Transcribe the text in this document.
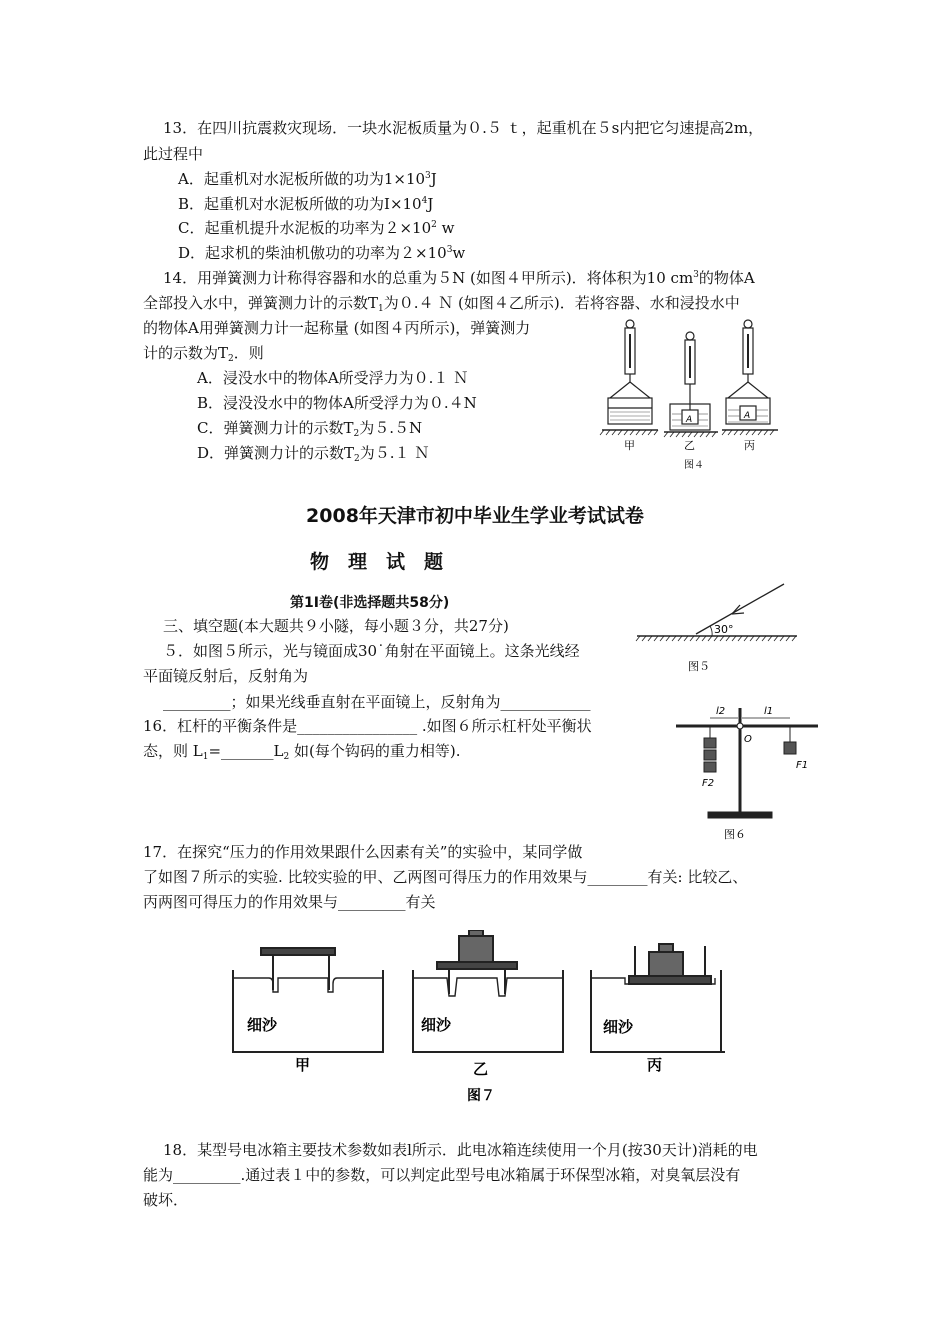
13．在四川抗震救灾现场．一块水泥板质量为０.５ ｔ，起重机在５s内把它匀速提高2m，
此过程中
A．起重机对水泥板所做的功为$1\times 10^3J$
B．起重机对水泥板所做的功为$I\times 10^4J$
C．起重机提升水泥板的功率为$2\times 10^2$ w
D．起求机的柴油机傲功的功率为$2\times 10^3w$
14．用弹簧测力计称得容器和水的总重为５N (如图４甲所示)．将体积为10 $cm^3$的物体A
全部投入水中，弹簧测力计的示数$T_1$为０.４ Ｎ (如图４乙所示)．若将容器、水和浸投水中
的物体A用弹簧测力计一起称量 (如图４丙所示)，弹簧测力
计的示数为$T_2$．则
A．浸没水中的物体A所受浮力为０.１ Ｎ
B．浸没没水中的物体A所受浮力为０.４N
C．弹簧测力计的示数$T_2$为５.５N
D．弹簧测力计的示数$T_2$为５.１ Ｎ
A	A
甲	乙	丙
图４
2008年天津市初中毕业生学业考试试卷
物　理　试　题
第1I卷(非选择题共58分)
三、填空题(本大题共９小隧，每小题３分，共27分)
５．如图５所示，光与镜面成30˙角射在平面镜上。这条光线经
平面镜反射后，反射角为
_________；如果光线垂直射在平面镜上，反射角为____________
30°
图５
16．杠杆的平衡条件是________________ .如图６所示杠杆处平衡状
态，则 $L_1=\_\_\_\_\_\_\_L_2$ 如(每个钩码的重力相等).
l2	l1
O
F1
F2
图６
17．在探究“压力的作用效果跟什么因素有关”的实验中，某同学做
了如图７所示的实验. 比较实验的甲、乙两图可得压力的作用效果与________有关: 比较乙、
丙两图可得压力的作用效果与_________有关
细沙	细沙	细沙
甲	乙	丙
图７
18．某型号电冰箱主要技术参数如表l所示．此电冰箱连续使用一个月(按30天计)消耗的电
能为_________.通过表１中的参数，可以判定此型号电冰箱属于环保型冰箱，对臭氧层没有
破坏．
